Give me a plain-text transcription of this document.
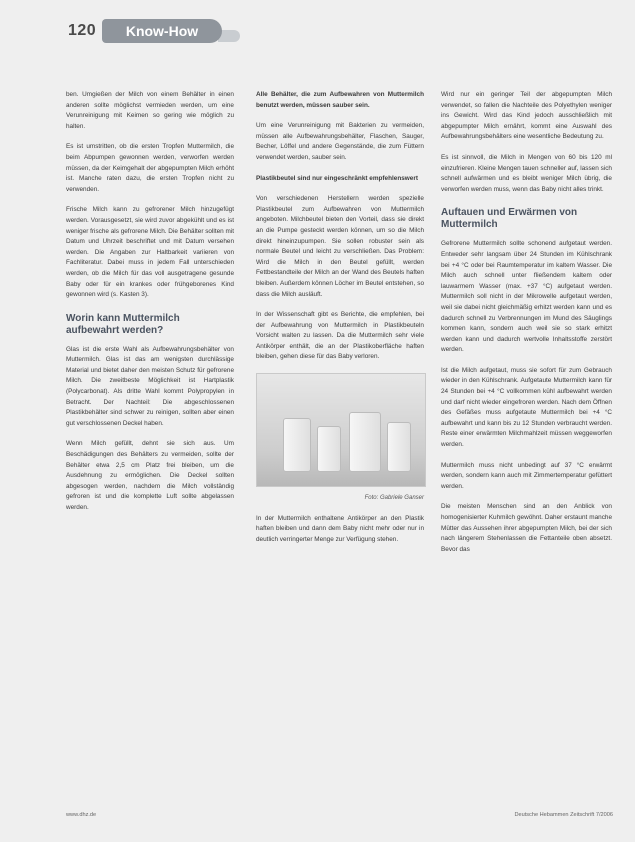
120	Know-How

ben. Umgießen der Milch von einem Behälter in einen anderen sollte möglichst vermieden werden, um eine Verunreinigung mit Keimen so gering wie möglich zu halten.

Es ist umstritten, ob die ersten Tropfen Muttermilch, die beim Abpumpen gewonnen werden, verworfen werden müssen, da der Keimgehalt der abgepumpten Milch erhöht ist. Manche raten dazu, die ersten Tropfen nicht zu verwenden.

Frische Milch kann zu gefrorener Milch hinzugefügt werden. Vorausgesetzt, sie wird zuvor abgekühlt und es ist weniger frische als gefrorene Milch. Die Behälter sollten mit Datum und Uhrzeit beschriftet und mit Datum versehen werden. Die Angaben zur Haltbarkeit variieren von Fachliteratur. Dabei muss in jedem Fall unterschieden werden, ob die Milch für das voll ausgetragene gesunde Baby oder für ein krankes oder frühgeborenes Kind gewonnen wird (s. Kasten 3).

Worin kann Muttermilch aufbewahrt werden?

Glas ist die erste Wahl als Aufbewahrungsbehälter von Muttermilch. Glas ist das am wenigsten durchlässige Material und bietet daher den meisten Schutz für gefrorene Milch. Die zweitbeste Möglichkeit ist Hartplastik (Polycarbonat). Als dritte Wahl kommt Polypropylen in Betracht. Der Nachteil: Die abgeschlossenen Plastikbehälter sind schwer zu reinigen, sollten aber einen gut verschlossenen Deckel haben.

Wenn Milch gefüllt, dehnt sie sich aus. Um Beschädigungen des Behälters zu vermeiden, sollte der Behälter etwa 2,5 cm Platz frei bleiben, um die Ausdehnung zu ermöglichen. Die Deckel sollten abgesogen werden, nachdem die Milch vollständig gefroren ist und die komplette Luft sollte abgelassen werden.

Alle Behälter, die zum Aufbewahren von Muttermilch benutzt werden, müssen sauber sein.

Um eine Verunreinigung mit Bakterien zu vermeiden, müssen alle Aufbewahrungsbehälter, Flaschen, Sauger, Becher, Löffel und andere Gegenstände, die zum Füttern verwendet werden, sauber sein.

Plastikbeutel sind nur eingeschränkt empfehlenswert

Von verschiedenen Herstellern werden spezielle Plastikbeutel zum Aufbewahren von Muttermilch angeboten. Milchbeutel bieten den Vorteil, dass sie direkt an die Pumpe gesteckt werden können, um so die Milch direkt hineinzupumpen. Sie sollen robuster sein als normale Beutel und leicht zu verschließen. Das Problem: Wird die Milch in den Beutel gefüllt, werden Fettbestandteile der Milch an der Wand des Beutels haften bleiben. Außerdem können Löcher im Beutel entstehen, so dass die Milch ausläuft.

In der Wissenschaft gibt es Berichte, die empfehlen, bei der Aufbewahrung von Muttermilch in Plastikbeuteln Vorsicht walten zu lassen. Da die Muttermilch sehr viele Antikörper enthält, die an der Plastikoberfläche haften bleiben, gehen diese für das Baby verloren.

Foto: Gabriele Ganser

In der Muttermilch enthaltene Antikörper an den Plastik haften bleiben und dann dem Baby nicht mehr oder nur in deutlich verringerter Menge zur Verfügung stehen.

Wird nur ein geringer Teil der abgepumpten Milch verwendet, so fallen die Nachteile des Polyethylen weniger ins Gewicht. Wird das Kind jedoch ausschließlich mit abgepumpter Milch ernährt, kommt eine Auswahl des Aufbewahrungsbehälters eine wesentliche Bedeutung zu.

Es ist sinnvoll, die Milch in Mengen von 60 bis 120 ml einzufrieren. Kleine Mengen tauen schneller auf, lassen sich schnell aufwärmen und es bleibt weniger Milch übrig, die verworfen werden muss, wenn das Baby nicht alles trinkt.

Auftauen und Erwärmen von Muttermilch

Gefrorene Muttermilch sollte schonend aufgetaut werden. Entweder sehr langsam über 24 Stunden im Kühlschrank bei +4 °C oder bei Raumtemperatur im kaltem Wasser. Die Milch auch schnell unter fließendem kaltem oder lauwarmem Wasser (max. +37 °C) aufgetaut werden. Muttermilch soll nicht in der Mikrowelle aufgetaut werden, weil sie dabei nicht gleichmäßig erhitzt werden kann und es dadurch schnell zu Verbrennungen im Mund des Säuglings kommen kann, sondern auch weil sie so stark erhitzt werden kann und dadurch wertvolle Inhaltsstoffe zerstört werden.

Ist die Milch aufgetaut, muss sie sofort für zum Gebrauch wieder in den Kühlschrank. Aufgetaute Muttermilch kann für 24 Stunden bei +4 °C vollkommen kühl aufbewahrt werden und darf nicht wieder eingefroren werden. Nach dem Öffnen des Gefäßes muss aufgetaute Muttermilch bei +4 °C aufbewahrt und kann bis zu 12 Stunden verbraucht werden. Reste einer erwärmten Milchmahlzeit müssen weggeworfen werden.

Muttermilch muss nicht unbedingt auf 37 °C erwärmt werden, sondern kann auch mit Zimmertemperatur gefüttert werden.

Die meisten Menschen sind an den Anblick von homogenisierter Kuhmilch gewöhnt. Daher erstaunt manche Mütter das Aussehen ihrer abgepumpten Milch, bei der sich nach längerem Stehenlassen die Fettanteile oben absetzt. Bevor das

www.dhz.de	Deutsche Hebammen Zeitschrift 7/2006
